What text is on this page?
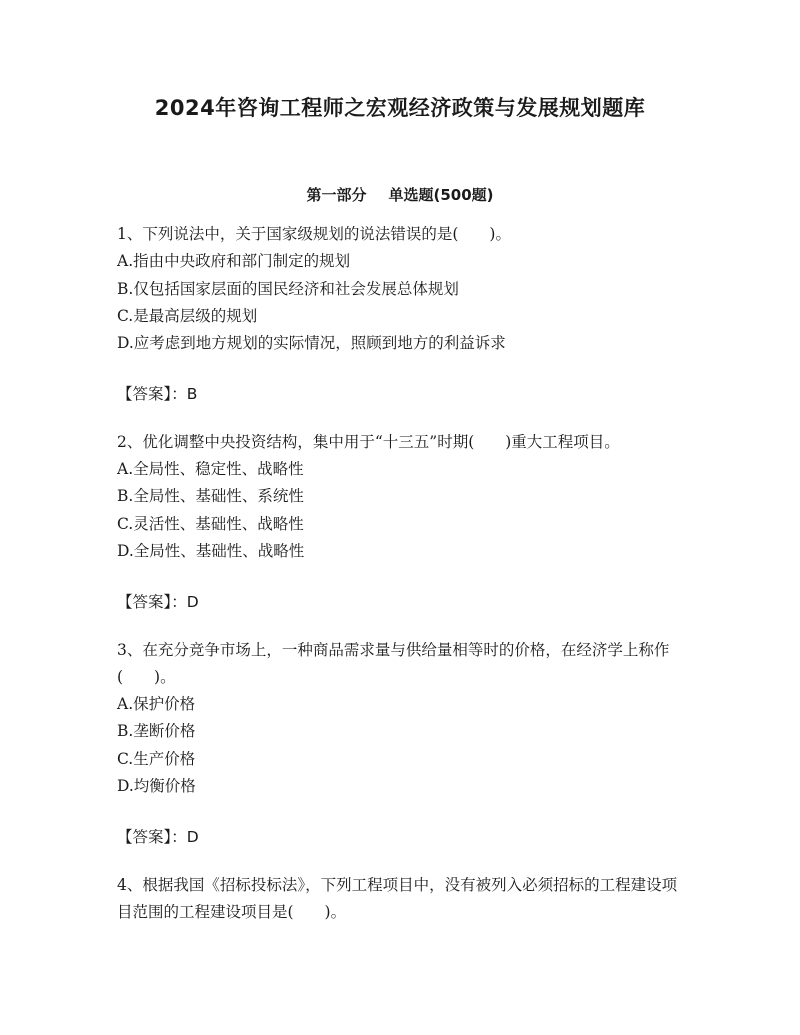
2024年咨询工程师之宏观经济政策与发展规划题库
第一部分 单选题(500题)

1、下列说法中，关于国家级规划的说法错误的是(　　)。

A.指由中央政府和部门制定的规划

B.仅包括国家层面的国民经济和社会发展总体规划

C.是最高层级的规划

D.应考虑到地方规划的实际情况，照顾到地方的利益诉求

【答案】：B

2、优化调整中央投资结构，集中用于“十三五”时期(　　)重大工程项目。

A.全局性、稳定性、战略性

B.全局性、基础性、系统性

C.灵活性、基础性、战略性

D.全局性、基础性、战略性

【答案】：D

3、在充分竞争市场上，一种商品需求量与供给量相等时的价格，在经济学上称作(　　)。

A.保护价格

B.垄断价格

C.生产价格

D.均衡价格

【答案】：D

4、根据我国《招标投标法》，下列工程项目中，没有被列入必须招标的工程建设项目范围的工程建设项目是(　　)。
